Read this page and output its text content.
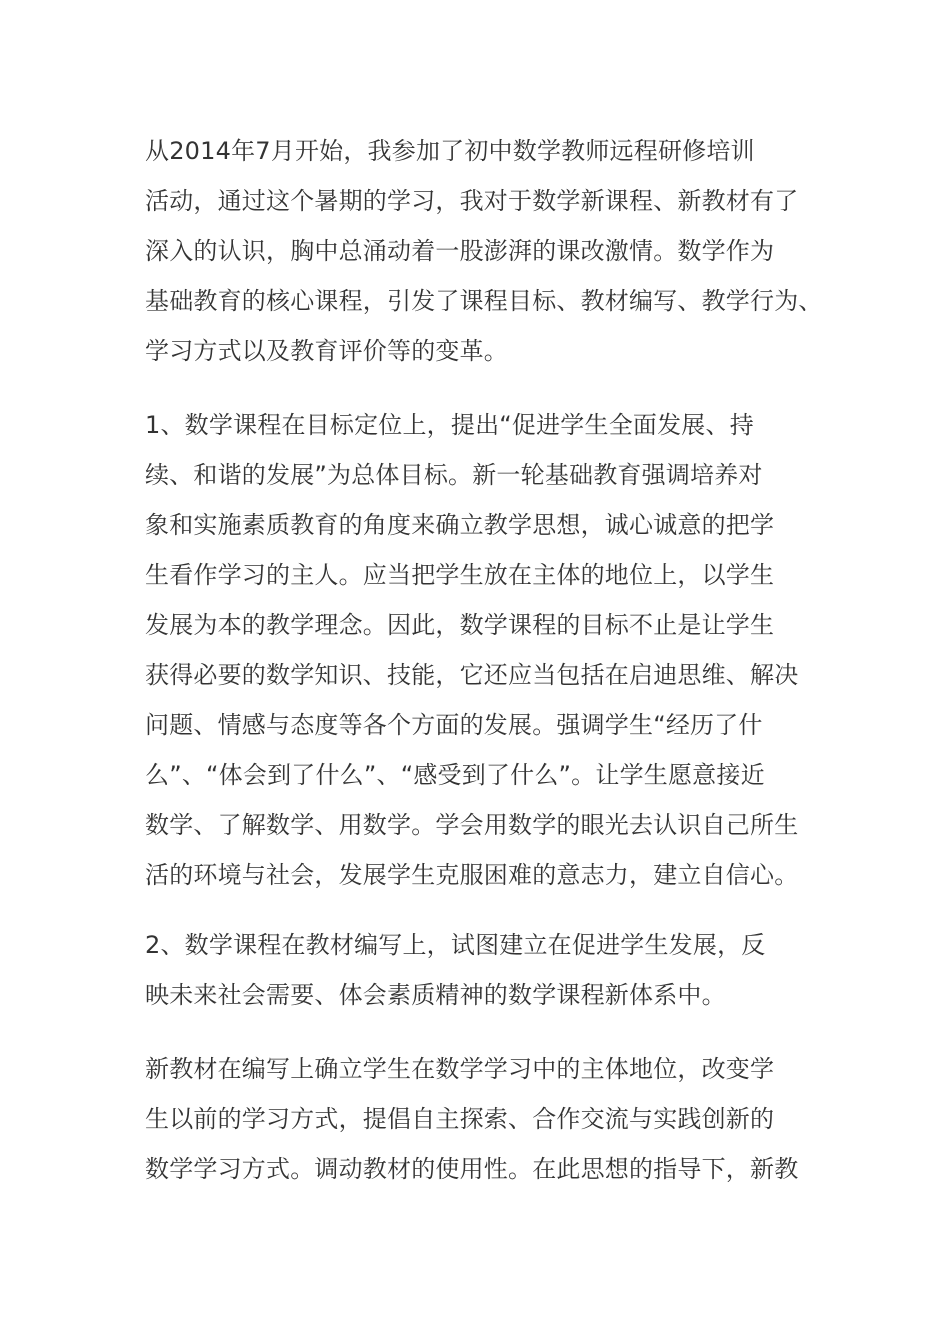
从2014年7月开始，我参加了初中数学教师远程研修培训
活动，通过这个暑期的学习，我对于数学新课程、新教材有了
深入的认识，胸中总涌动着一股澎湃的课改激情。数学作为
基础教育的核心课程，引发了课程目标、教材编写、教学行为、
学习方式以及教育评价等的变革。
1、数学课程在目标定位上，提出“促进学生全面发展、持
续、和谐的发展”为总体目标。新一轮基础教育强调培养对
象和实施素质教育的角度来确立教学思想，诚心诚意的把学
生看作学习的主人。应当把学生放在主体的地位上，以学生
发展为本的教学理念。因此，数学课程的目标不止是让学生
获得必要的数学知识、技能，它还应当包括在启迪思维、解决
问题、情感与态度等各个方面的发展。强调学生“经历了什
么”、“体会到了什么”、“感受到了什么”。让学生愿意接近
数学、了解数学、用数学。学会用数学的眼光去认识自己所生
活的环境与社会，发展学生克服困难的意志力，建立自信心。
2、数学课程在教材编写上，试图建立在促进学生发展，反
映未来社会需要、体会素质精神的数学课程新体系中。
新教材在编写上确立学生在数学学习中的主体地位，改变学
生以前的学习方式，提倡自主探索、合作交流与实践创新的
数学学习方式。调动教材的使用性。在此思想的指导下，新教
